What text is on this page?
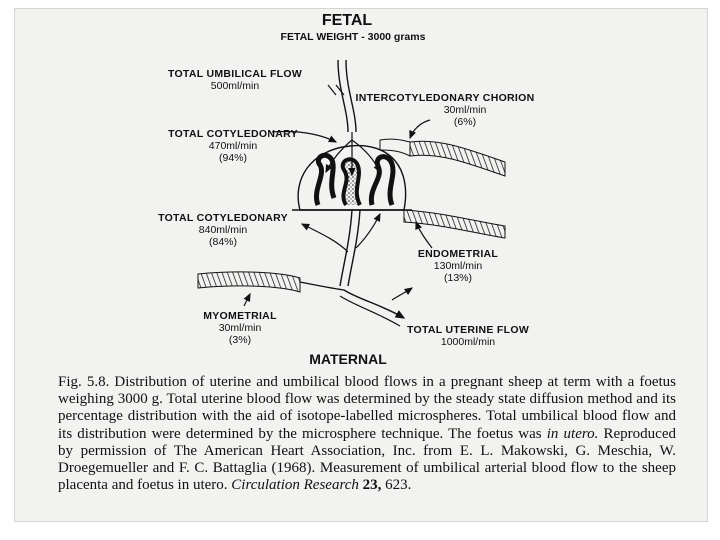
FETAL
FETAL WEIGHT - 3000 grams
MATERNAL
TOTAL UMBILICAL FLOW
500ml/min
INTERCOTYLEDONARY CHORION
30ml/min
(6%)
TOTAL COTYLEDONARY
470ml/min
(94%)
TOTAL COTYLEDONARY
840ml/min
(84%)
ENDOMETRIAL
130ml/min
(13%)
MYOMETRIAL
30ml/min
(3%)
TOTAL UTERINE FLOW
1000ml/min
Fig. 5.8. Distribution of uterine and umbilical blood flows in a pregnant sheep at term with a foetus weighing 3000 g. Total uterine blood flow was determined by the steady state diffusion method and its percentage distribution with the aid of isotope-labelled microspheres. Total umbilical blood flow and its distribution were determined by the microsphere technique. The foetus was in utero. Reproduced by permission of The American Heart Association, Inc. from E. L. Makowski, G. Meschia, W. Droegemueller and F. C. Battaglia (1968). Measurement of umbilical arterial blood flow to the sheep placenta and foetus in utero. Circulation Research 23, 623.
